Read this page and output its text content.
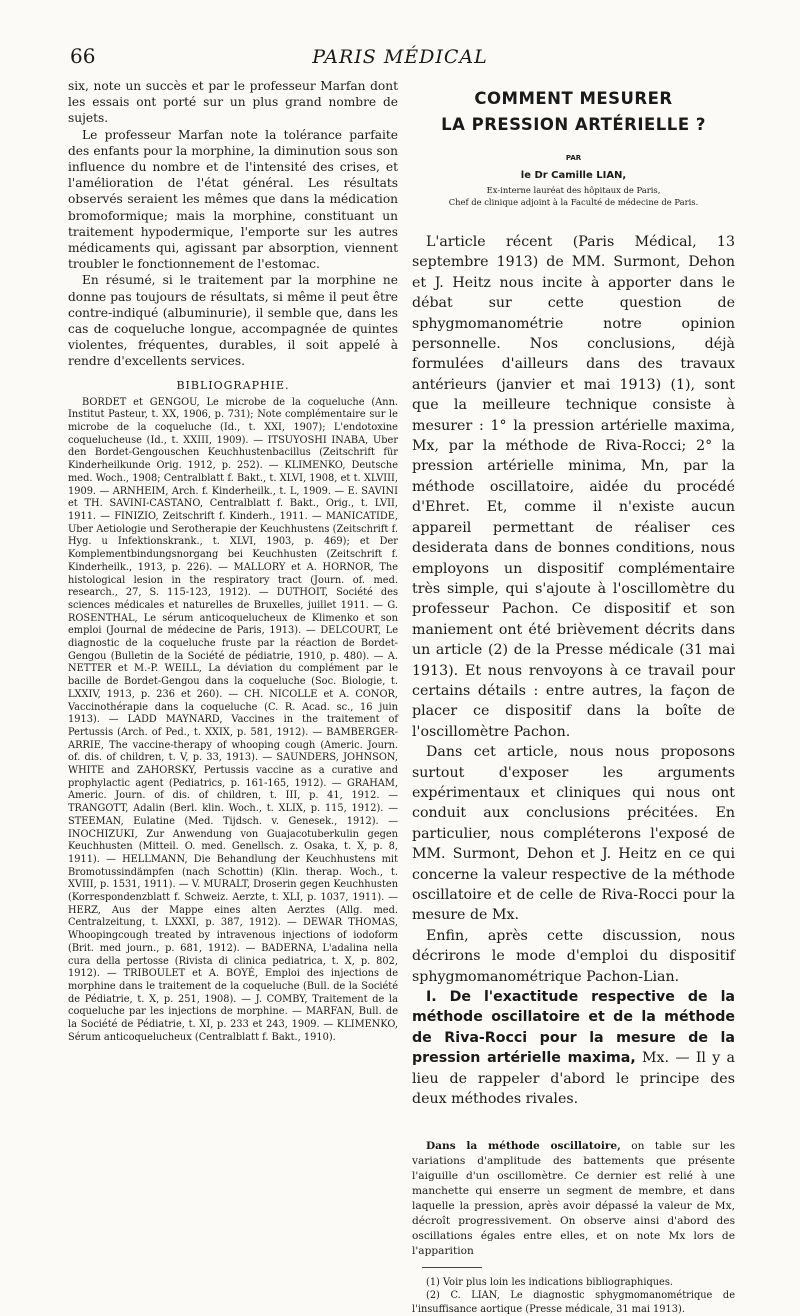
66	PARIS MÉDICAL

six, note un succès et par le professeur Marfan dont les essais ont porté sur un plus grand nombre de sujets.

Le professeur Marfan note la tolérance parfaite des enfants pour la morphine, la diminution sous son influence du nombre et de l'intensité des crises, et l'amélioration de l'état général. Les résultats observés seraient les mêmes que dans la médication bromoformique; mais la morphine, constituant un traitement hypodermique, l'emporte sur les autres médicaments qui, agissant par absorption, viennent troubler le fonctionnement de l'estomac.

En résumé, si le traitement par la morphine ne donne pas toujours de résultats, si même il peut être contre-indiqué (albuminurie), il semble que, dans les cas de coqueluche longue, accompagnée de quintes violentes, fréquentes, durables, il soit appelé à rendre d'excellents services.

BIBLIOGRAPHIE.

BORDET et GENGOU, Le microbe de la coqueluche (Ann. Institut Pasteur, t. XX, 1906, p. 731); Note complémentaire sur le microbe de la coqueluche (Id., t. XXI, 1907); L'endotoxine coquelucheuse (Id., t. XXIII, 1909). — ITSUYOSHI INABA, Uber den Bordet-Gengouschen Keuchhustenbacillus (Zeitschrift für Kinderheilkunde Orig. 1912, p. 252). — KLIMENKO, Deutsche med. Woch., 1908; Centralblatt f. Bakt., t. XLVI, 1908, et t. XLVIII, 1909. — ARNHEIM, Arch. f. Kinderheilk., t. L, 1909. — E. SAVINI et TH. SAVINI-CASTANO, Centralblatt f. Bakt., Orig., t. LVII, 1911. — FINIZIO, Zeitschrift f. Kinderh., 1911. — MANICATIDE, Uber Aetiologie und Serotherapie der Keuchhustens (Zeitschrift f. Hyg. u Infektionskrank., t. XLVI, 1903, p. 469); et Der Komplementbindungsnorgang bei Keuchhusten (Zeitschrift f. Kinderheilk., 1913, p. 226). — MALLORY et A. HORNOR, The histological lesion in the respiratory tract (Journ. of. med. research., 27, S. 115-123, 1912). — DUTHOIT, Société des sciences médicales et naturelles de Bruxelles, juillet 1911. — G. ROSENTHAL, Le sérum anticoquelucheux de Klimenko et son emploi (Journal de médecine de Paris, 1913). — DELCOURT, Le diagnostic de la coqueluche fruste par la réaction de Bordet-Gengou (Bulletin de la Société de pédiatrie, 1910, p. 480). — A. NETTER et M.-P. WEILL, La déviation du complément par le bacille de Bordet-Gengou dans la coqueluche (Soc. Biologie, t. LXXIV, 1913, p. 236 et 260). — CH. NICOLLE et A. CONOR, Vaccinothérapie dans la coqueluche (C. R. Acad. sc., 16 juin 1913). — LADD MAYNARD, Vaccines in the traitement of Pertussis (Arch. of Ped., t. XXIX, p. 581, 1912). — BAMBERGER-ARRIE, The vaccine-therapy of whooping cough (Americ. Journ. of. dis. of children, t. V, p. 33, 1913). — SAUNDERS, JOHNSON, WHITE and ZAHORSKY, Pertussis vaccine as a curative and prophylactic agent (Pediatrics, p. 161-165, 1912). — GRAHAM, Americ. Journ. of dis. of children, t. III, p. 41, 1912. — TRANGOTT, Adalin (Berl. klin. Woch., t. XLIX, p. 115, 1912). — STEEMAN, Eulatine (Med. Tijdsch. v. Genesek., 1912). — INOCHIZUKI, Zur Anwendung von Guajacotuberkulin gegen Keuchhusten (Mitteil. O. med. Genellsch. z. Osaka, t. X, p. 8, 1911). — HELLMANN, Die Behandlung der Keuchhustens mit Bromotussindämpfen (nach Schottin) (Klin. therap. Woch., t. XVIII, p. 1531, 1911). — V. MURALT, Droserin gegen Keuchhusten (Korrespondenzblatt f. Schweiz. Aerzte, t. XLI, p. 1037, 1911). — HERZ, Aus der Mappe eines alten Aerztes (Allg. med. Centralzeitung, t. LXXXI, p. 387, 1912). — DEWAR THOMAS, Whoopingcough treated by intravenous injections of iodoform (Brit. med journ., p. 681, 1912). — BADERNA, L'adalina nella cura della pertosse (Rivista di clinica pediatrica, t. X, p. 802, 1912). — TRIBOULET et A. BOYÉ, Emploi des injections de morphine dans le traitement de la coqueluche (Bull. de la Société de Pédiatrie, t. X, p. 251, 1908). — J. COMBY, Traitement de la coqueluche par les injections de morphine. — MARFAN, Bull. de la Société de Pédiatrie, t. XI, p. 233 et 243, 1909. — KLIMENKO, Sérum anticoquelucheux (Centralblatt f. Bakt., 1910).

COMMENT MESURER
LA PRESSION ARTÉRIELLE ?
PAR
le Dr Camille LIAN,

Ex-interne lauréat des hôpitaux de Paris,

Chef de clinique adjoint à la Faculté de médecine de Paris.

L'article récent (Paris Médical, 13 septembre 1913) de MM. Surmont, Dehon et J. Heitz nous incite à apporter dans le débat sur cette question de sphygmomanométrie notre opinion personnelle. Nos conclusions, déjà formulées d'ailleurs dans des travaux antérieurs (janvier et mai 1913) (1), sont que la meilleure technique consiste à mesurer : 1° la pression artérielle maxima, Mx, par la méthode de Riva-Rocci; 2° la pression artérielle minima, Mn, par la méthode oscillatoire, aidée du procédé d'Ehret. Et, comme il n'existe aucun appareil permettant de réaliser ces desiderata dans de bonnes conditions, nous employons un dispositif complémentaire très simple, qui s'ajoute à l'oscillomètre du professeur Pachon. Ce dispositif et son maniement ont été brièvement décrits dans un article (2) de la Presse médicale (31 mai 1913). Et nous renvoyons à ce travail pour certains détails : entre autres, la façon de placer ce dispositif dans la boîte de l'oscillomètre Pachon.

Dans cet article, nous nous proposons surtout d'exposer les arguments expérimentaux et cliniques qui nous ont conduit aux conclusions précitées. En particulier, nous compléterons l'exposé de MM. Surmont, Dehon et J. Heitz en ce qui concerne la valeur respective de la méthode oscillatoire et de celle de Riva-Rocci pour la mesure de Mx.

Enfin, après cette discussion, nous décrirons le mode d'emploi du dispositif sphygmomanométrique Pachon-Lian.

I. De l'exactitude respective de la méthode oscillatoire et de la méthode de Riva-Rocci pour la mesure de la pression artérielle maxima, Mx. — Il y a lieu de rappeler d'abord le principe des deux méthodes rivales.

Dans la méthode oscillatoire, on table sur les variations d'amplitude des battements que présente l'aiguille d'un oscillomètre. Ce dernier est relié à une manchette qui enserre un segment de membre, et dans laquelle la pression, après avoir dépassé la valeur de Mx, décroît progressivement. On observe ainsi d'abord des oscillations égales entre elles, et on note Mx lors de l'apparition

(1) Voir plus loin les indications bibliographiques.

(2) C. LIAN, Le diagnostic sphygmomanométrique de l'insuffisance aortique (Presse médicale, 31 mai 1913).
